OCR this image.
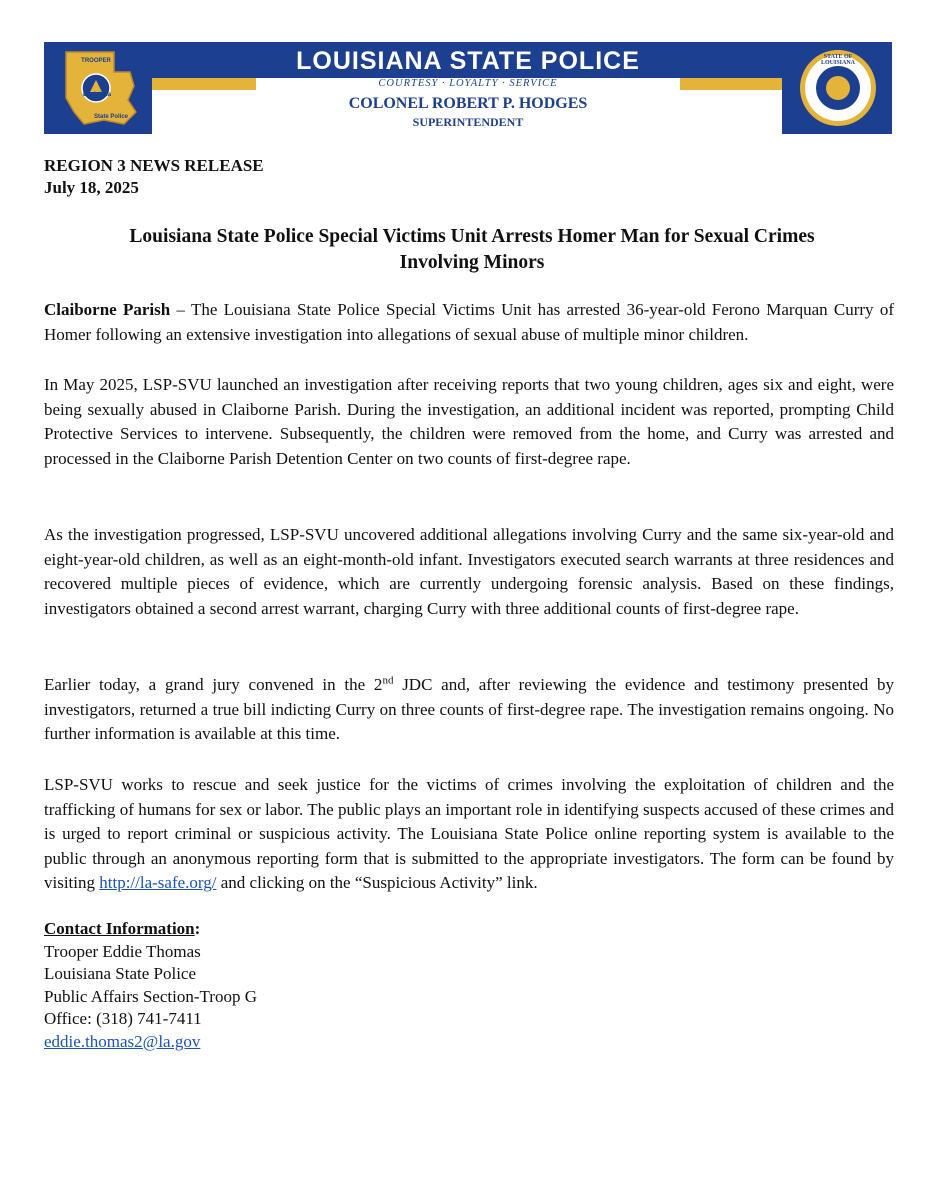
LOUISIANA STATE POLICE
COURTESY · LOYALTY · SERVICE
COLONEL ROBERT P. HODGES
SUPERINTENDENT
TROOPER
Louisiana
State Police
STATE OF LOUISIANA
REGION 3 NEWS RELEASE
July 18, 2025
Louisiana State Police Special Victims Unit Arrests Homer Man for Sexual Crimes
Involving Minors
Claiborne Parish – The Louisiana State Police Special Victims Unit has arrested 36-year-old Ferono Marquan Curry of Homer following an extensive investigation into allegations of sexual abuse of multiple minor children.
In May 2025, LSP-SVU launched an investigation after receiving reports that two young children, ages six and eight, were being sexually abused in Claiborne Parish. During the investigation, an additional incident was reported, prompting Child Protective Services to intervene. Subsequently, the children were removed from the home, and Curry was arrested and processed in the Claiborne Parish Detention Center on two counts of first-degree rape.
As the investigation progressed, LSP-SVU uncovered additional allegations involving Curry and the same six-year-old and eight-year-old children, as well as an eight-month-old infant. Investigators executed search warrants at three residences and recovered multiple pieces of evidence, which are currently undergoing forensic analysis. Based on these findings, investigators obtained a second arrest warrant, charging Curry with three additional counts of first-degree rape.
Earlier today, a grand jury convened in the 2nd JDC and, after reviewing the evidence and testimony presented by investigators, returned a true bill indicting Curry on three counts of first-degree rape. The investigation remains ongoing. No further information is available at this time.
LSP-SVU works to rescue and seek justice for the victims of crimes involving the exploitation of children and the trafficking of humans for sex or labor. The public plays an important role in identifying suspects accused of these crimes and is urged to report criminal or suspicious activity. The Louisiana State Police online reporting system is available to the public through an anonymous reporting form that is submitted to the appropriate investigators. The form can be found by visiting http://la-safe.org/ and clicking on the “Suspicious Activity” link.
Contact Information:
Trooper Eddie Thomas
Louisiana State Police
Public Affairs Section-Troop G
Office: (318) 741-7411
eddie.thomas2@la.gov
